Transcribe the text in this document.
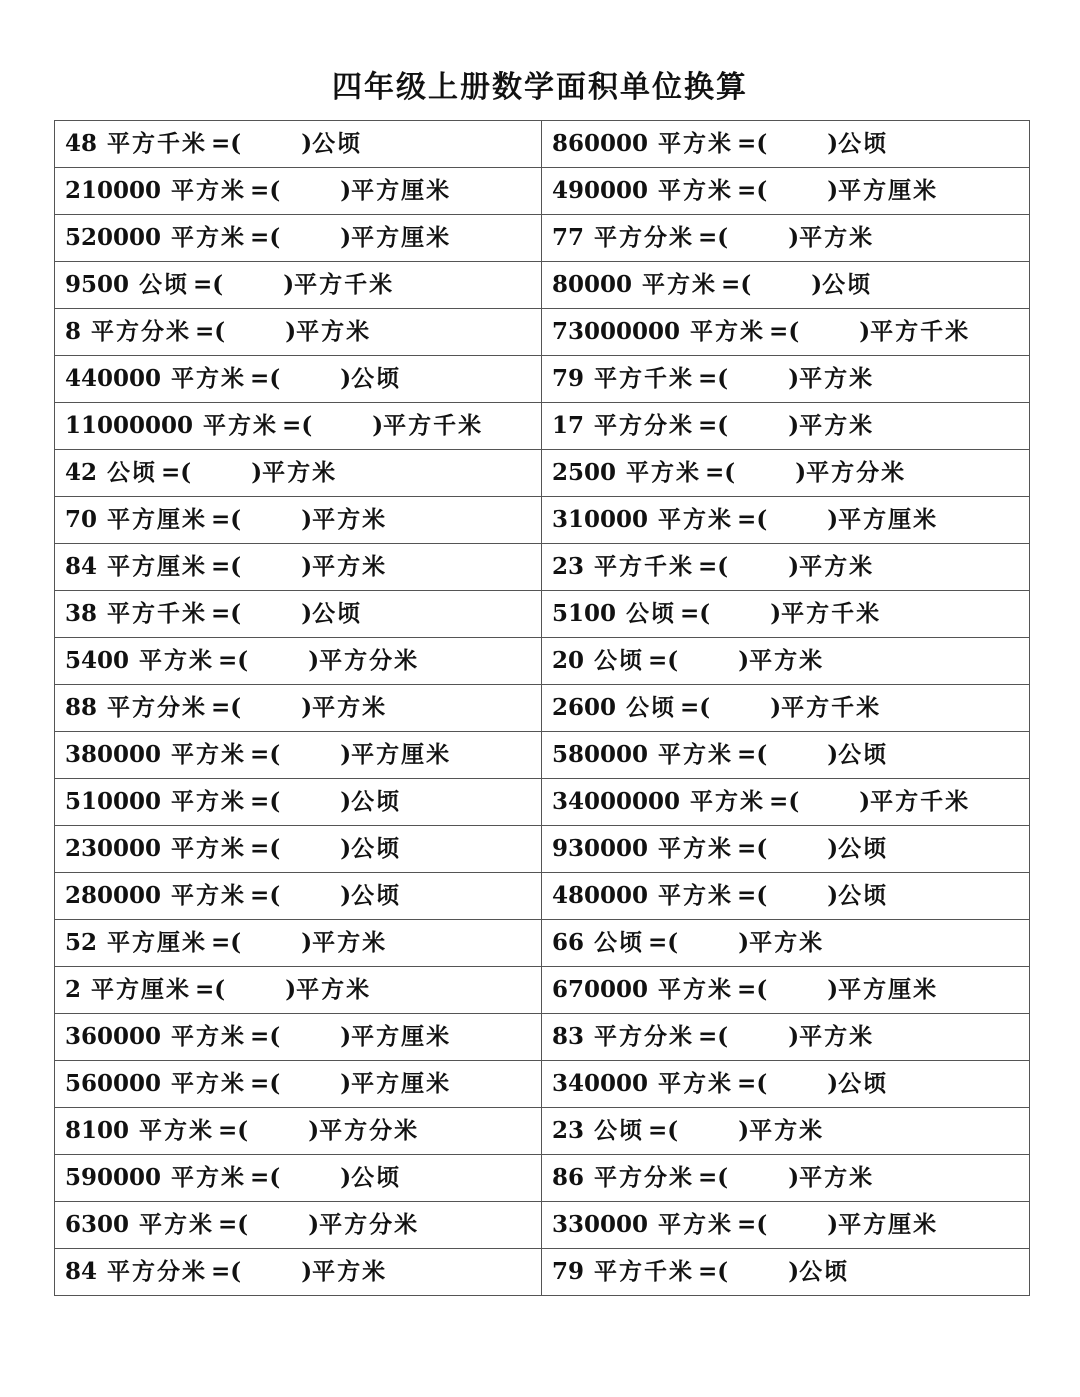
四年级上册数学面积单位换算
48 平方千米 =( )公顷	860000 平方米 =( )公顷
210000 平方米 =( )平方厘米	490000 平方米 =( )平方厘米
520000 平方米 =( )平方厘米	77 平方分米 =( )平方米
9500 公顷 =( )平方千米	80000 平方米 =( )公顷
8 平方分米 =( )平方米	73000000 平方米 =( )平方千米
440000 平方米 =( )公顷	79 平方千米 =( )平方米
11000000 平方米 =( )平方千米	17 平方分米 =( )平方米
42 公顷 =( )平方米	2500 平方米 =( )平方分米
70 平方厘米 =( )平方米	310000 平方米 =( )平方厘米
84 平方厘米 =( )平方米	23 平方千米 =( )平方米
38 平方千米 =( )公顷	5100 公顷 =( )平方千米
5400 平方米 =( )平方分米	20 公顷 =( )平方米
88 平方分米 =( )平方米	2600 公顷 =( )平方千米
380000 平方米 =( )平方厘米	580000 平方米 =( )公顷
510000 平方米 =( )公顷	34000000 平方米 =( )平方千米
230000 平方米 =( )公顷	930000 平方米 =( )公顷
280000 平方米 =( )公顷	480000 平方米 =( )公顷
52 平方厘米 =( )平方米	66 公顷 =( )平方米
2 平方厘米 =( )平方米	670000 平方米 =( )平方厘米
360000 平方米 =( )平方厘米	83 平方分米 =( )平方米
560000 平方米 =( )平方厘米	340000 平方米 =( )公顷
8100 平方米 =( )平方分米	23 公顷 =( )平方米
590000 平方米 =( )公顷	86 平方分米 =( )平方米
6300 平方米 =( )平方分米	330000 平方米 =( )平方厘米
84 平方分米 =( )平方米	79 平方千米 =( )公顷
